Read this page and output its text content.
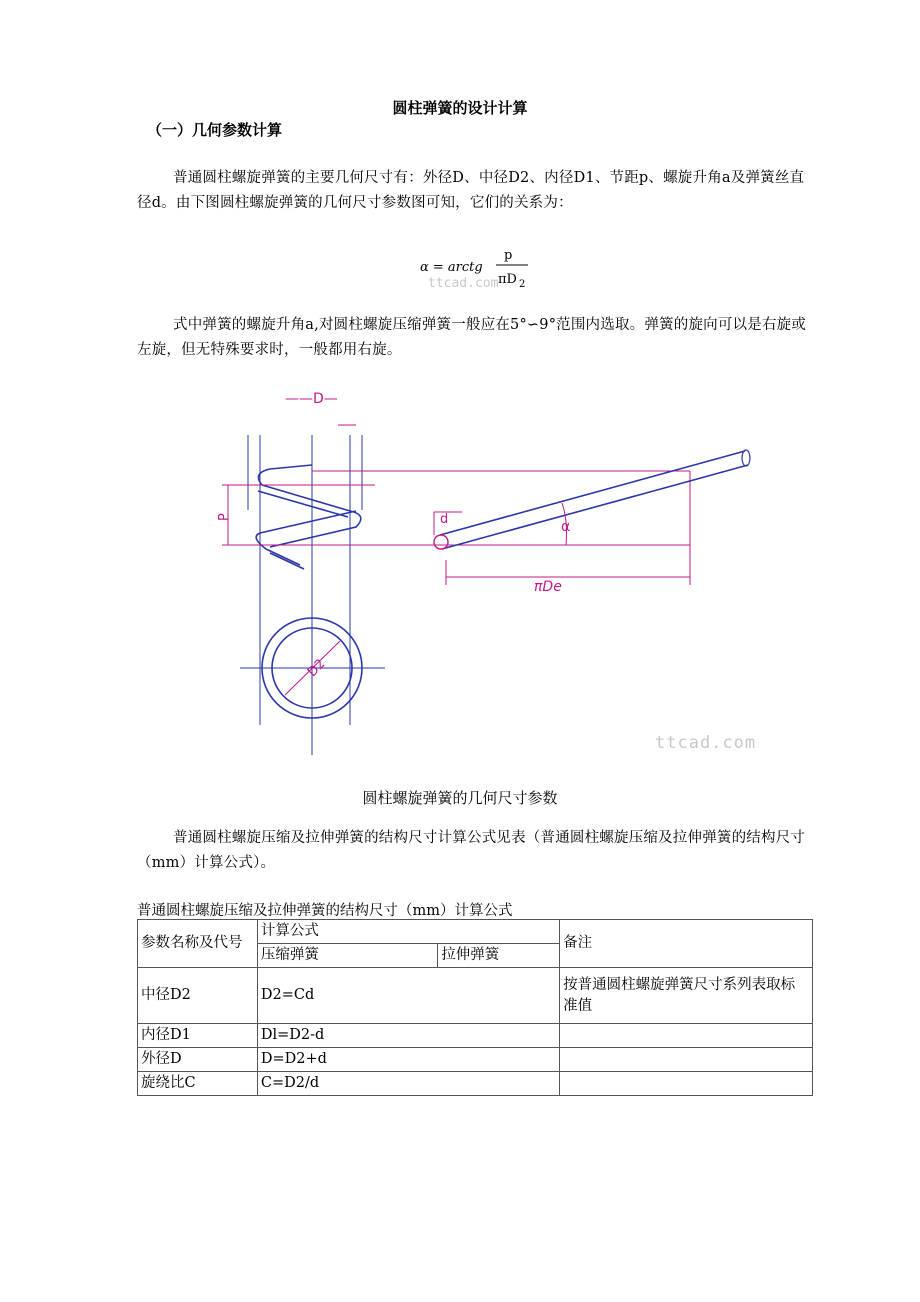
圆柱弹簧的设计计算
（一）几何参数计算
普通圆柱螺旋弹簧的主要几何尺寸有：外径D、中径D2、内径D1、节距p、螺旋升角a及弹簧丝直径d。由下图圆柱螺旋弹簧的几何尺寸参数图可知，它们的关系为：
α = arctg
p
πD 2
ttcad.com
式中弹簧的螺旋升角a,对圆柱螺旋压缩弹簧一般应在5°∽9°范围内选取。弹簧的旋向可以是右旋或左旋，但无特殊要求时，一般都用右旋。
——D—
P	d	α
πDe
D2
ttcad.com
圆柱螺旋弹簧的几何尺寸参数
普通圆柱螺旋压缩及拉伸弹簧的结构尺寸计算公式见表（普通圆柱螺旋压缩及拉伸弹簧的结构尺寸（mm）计算公式）。
普通圆柱螺旋压缩及拉伸弹簧的结构尺寸（mm）计算公式
参数名称及代号	计算公式		备注
	压缩弹簧	拉伸弹簧	
中径D2	D2=Cd		按普通圆柱螺旋弹簧尺寸系列表取标准值
内径D1	Dl=D2-d		
外径D	D=D2+d		
旋绕比C	C=D2/d		
